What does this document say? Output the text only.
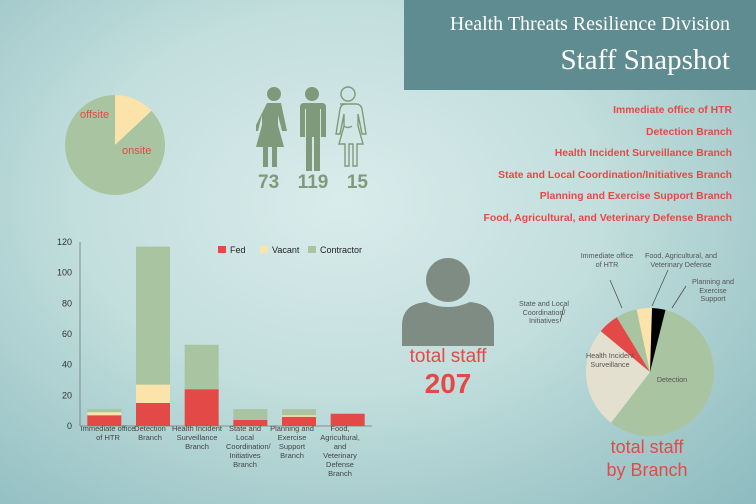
Health Threats Resilience Division
Staff Snapshot
Immediate office of HTR
Detection Branch
Health Incident Surveillance Branch
State and Local Coordination/Initiatives Branch
Planning and Exercise Support Branch
Food, Agricultural, and Veterinary Defense Branch
offsite
onsite
73 119 15
0
20
40
60
80
100
120
Fed	Vacant Contractor
Immediate office of HTR
Detection Branch
Health Incident Surveillance Branch
State and Local Coordination/ Initiatives Branch
Planning and Exercise Support Branch
Food, Agricultural, and Veterinary Defense Branch
total staff
207
Immediate office of HTR
Food, Agricultural, and Veterinary Defense
Planning and Exercise Support
State and Local Coordination/ Initiatives
Health Incident Surveillance
Detection
total staff
by Branch
